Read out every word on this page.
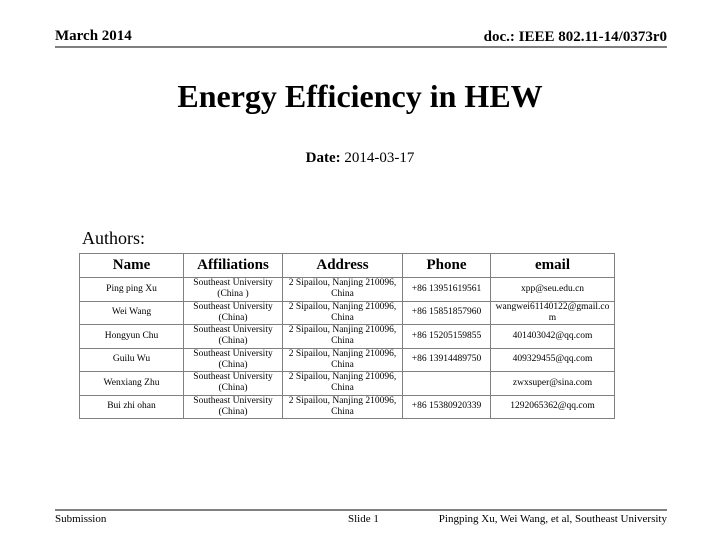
March 2014	doc.: IEEE 802.11-14/0373r0
Energy Efficiency in HEW
Date: 2014-03-17
Authors:
Name	Affiliations	Address	Phone	email
Ping ping Xu	Southeast University (China )	2 Sipailou, Nanjing 210096, China	+86 13951619561	xpp@seu.edu.cn
Wei Wang	Southeast University (China)	2 Sipailou, Nanjing 210096, China	+86 15851857960	wangwei61140122@gmail.com
Hongyun Chu	Southeast University (China)	2 Sipailou, Nanjing 210096, China	+86 15205159855	401403042@qq.com
Guilu Wu	Southeast University (China)	2 Sipailou, Nanjing 210096, China	+86 13914489750	409329455@qq.com
Wenxiang Zhu	Southeast University (China)	2 Sipailou, Nanjing 210096, China		zwxsuper@sina.com
Bui zhi ohan	Southeast University (China)	2 Sipailou, Nanjing 210096, China	+86 15380920339	1292065362@qq.com
Submission	Slide 1	Pingping Xu, Wei Wang, et al, Southeast University
